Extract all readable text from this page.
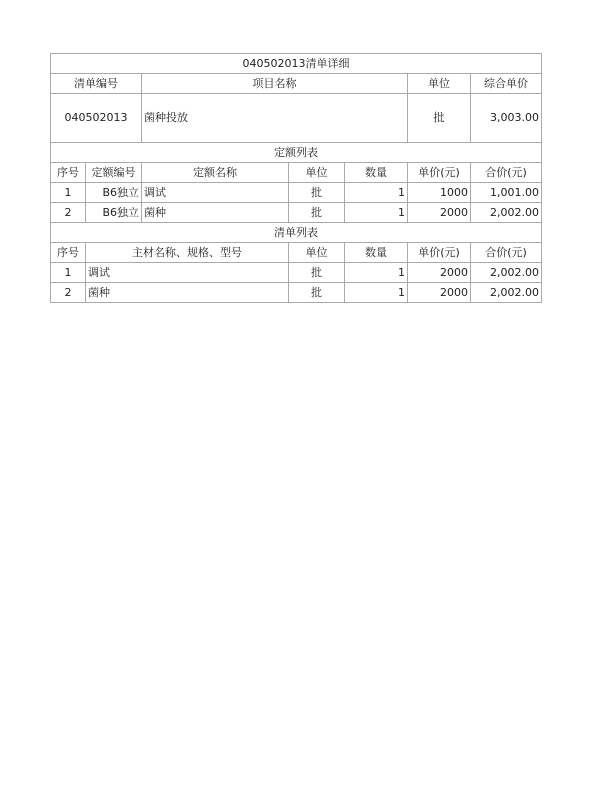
040502013清单详细						
清单编号		项目名称			单位	综合单价
040502013		菌种投放			批	3,003.00
定额列表						
序号	定额编号	定额名称	单位	数量	单价(元)	合价(元)
1	B6独立	调试	批	1	1000	1,001.00
2	B6独立	菌种	批	1	2000	2,002.00
清单列表						
序号	主材名称、规格、型号		单位	数量	单价(元)	合价(元)
1	调试		批	1	2000	2,002.00
2	菌种		批	1	2000	2,002.00
